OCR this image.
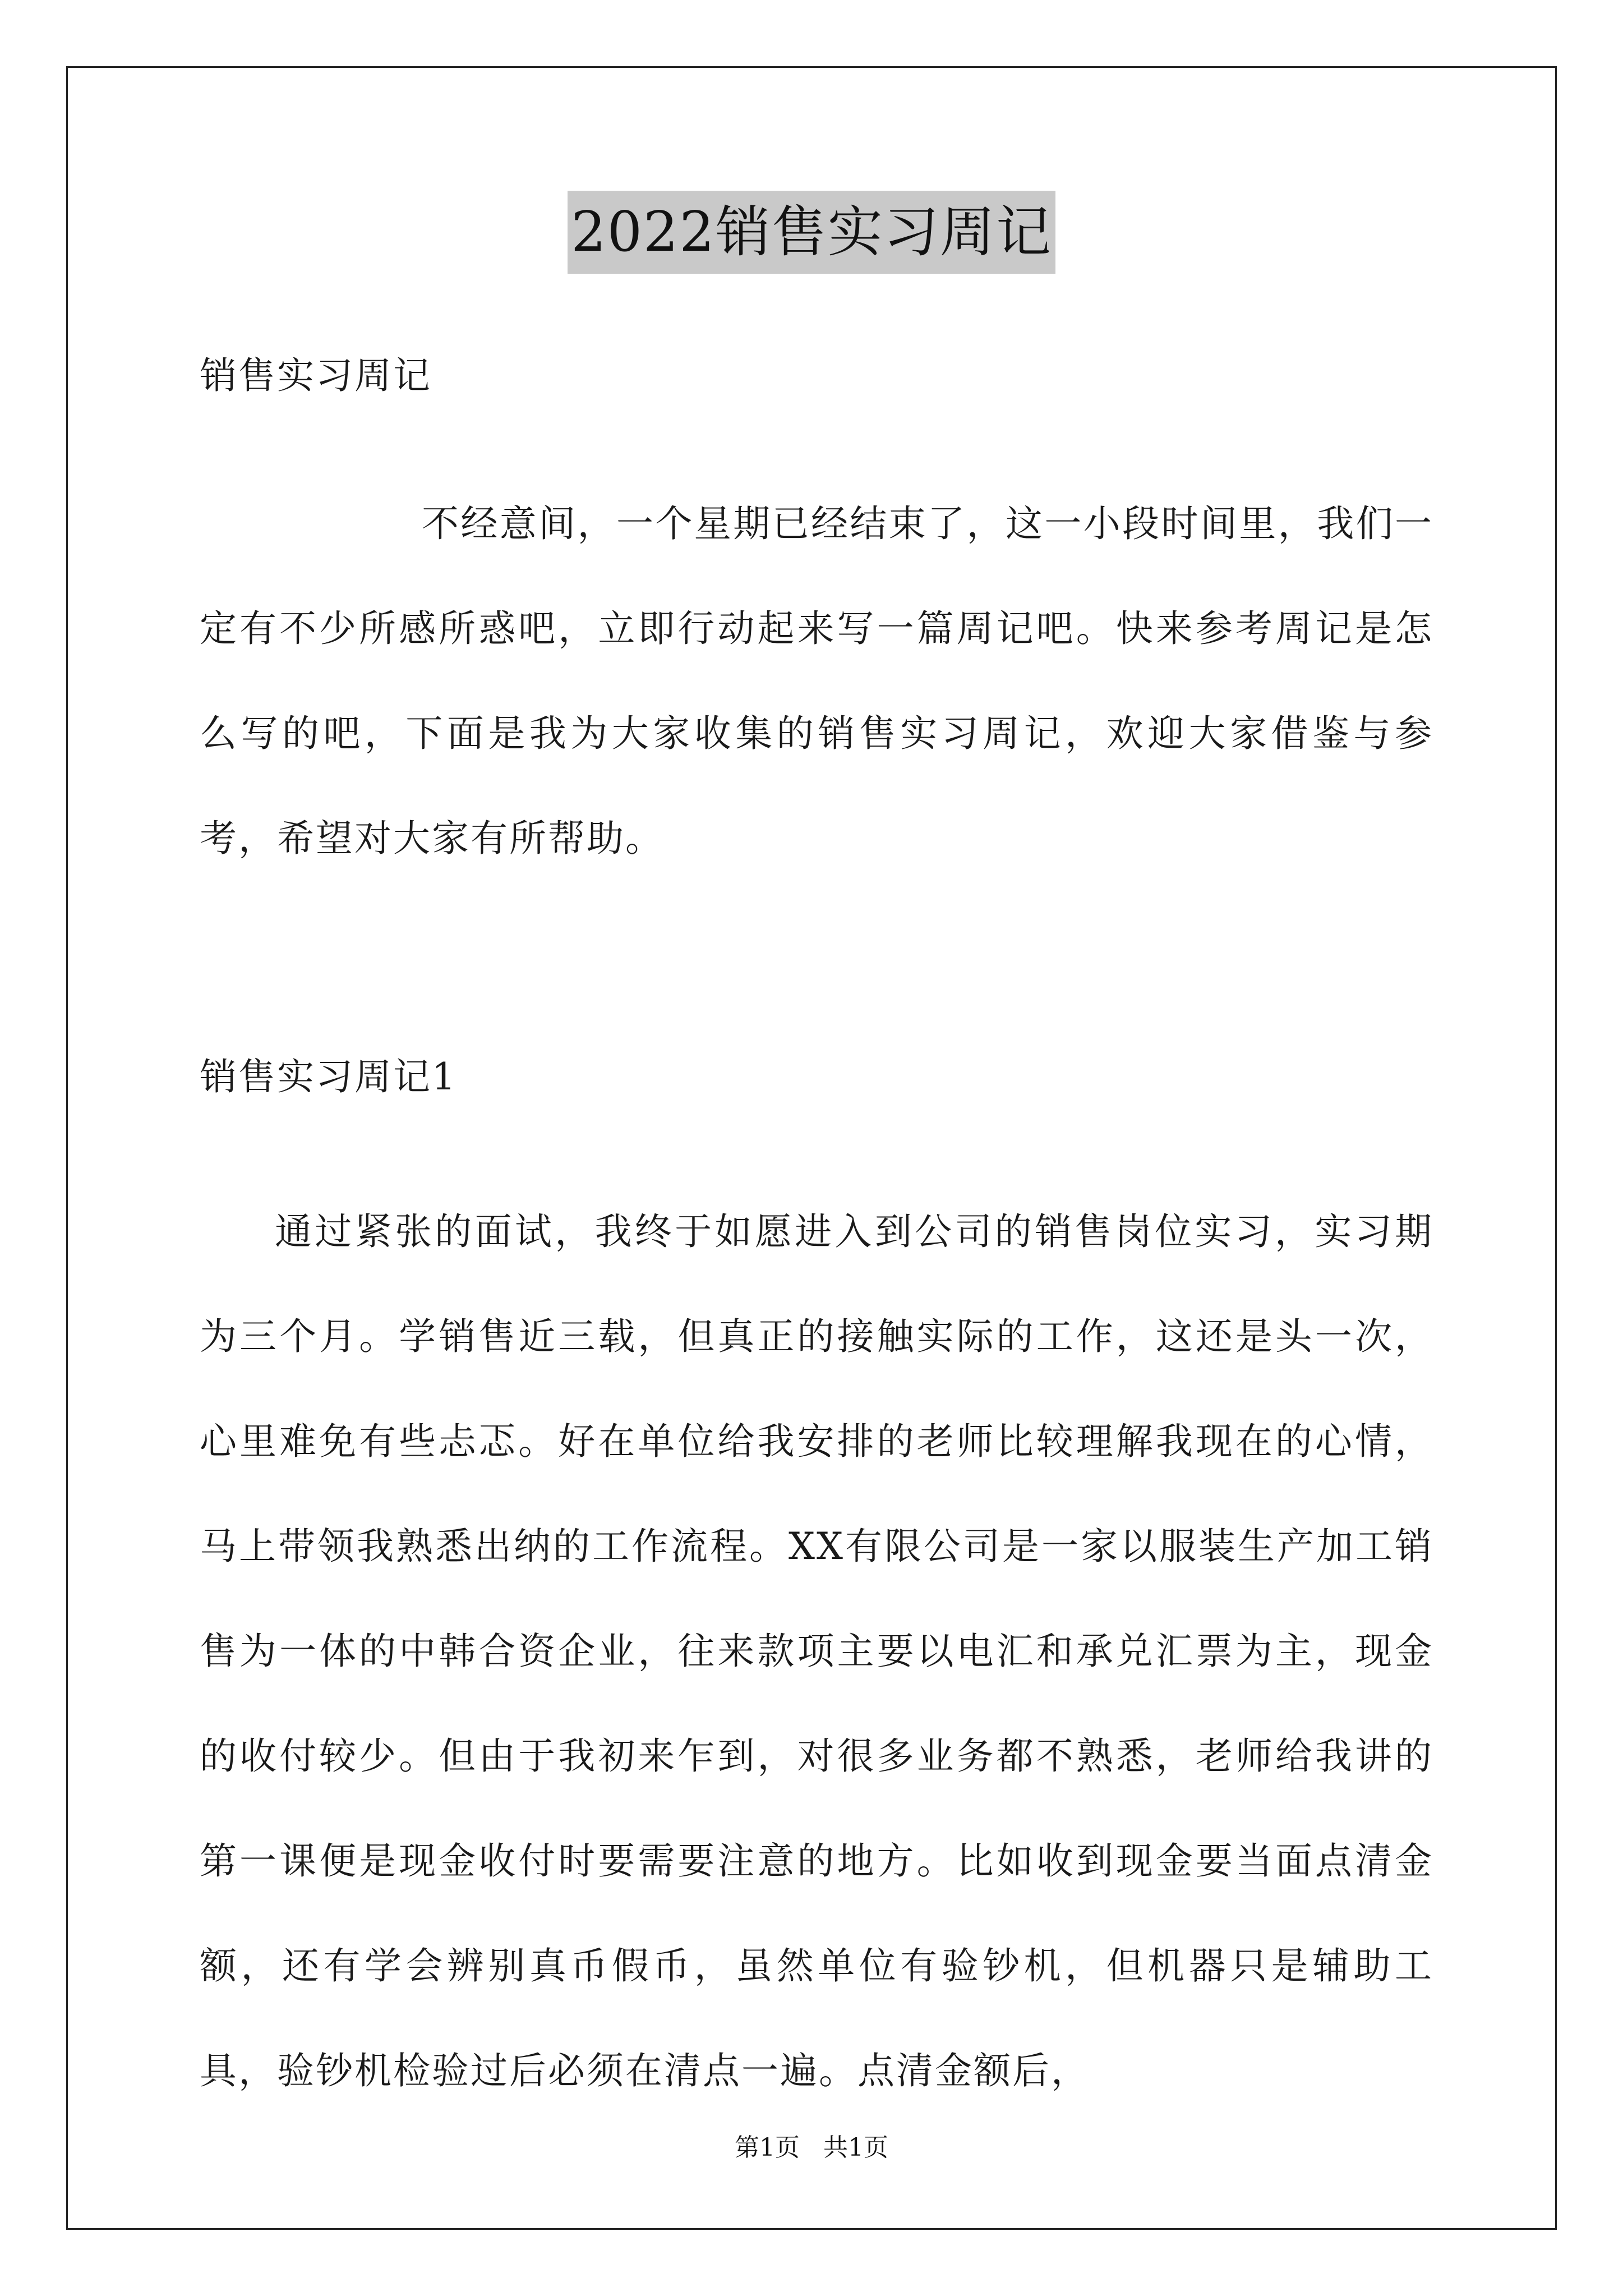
2022销售实习周记

销售实习周记

不经意间，一个星期已经结束了，这一小段时间里，我们一定有不少所感所惑吧，立即行动起来写一篇周记吧。快来参考周记是怎么写的吧，下面是我为大家收集的销售实习周记，欢迎大家借鉴与参考，希望对大家有所帮助。

销售实习周记1

通过紧张的面试，我终于如愿进入到公司的销售岗位实习，实习期为三个月。学销售近三载，但真正的接触实际的工作，这还是头一次，心里难免有些忐忑。好在单位给我安排的老师比较理解我现在的心情，马上带领我熟悉出纳的工作流程。XX有限公司是一家以服装生产加工销售为一体的中韩合资企业，往来款项主要以电汇和承兑汇票为主，现金的收付较少。但由于我初来乍到，对很多业务都不熟悉，老师给我讲的第一课便是现金收付时要需要注意的地方。比如收到现金要当面点清金额，还有学会辨别真币假币，虽然单位有验钞机，但机器只是辅助工具，验钞机检验过后必须在清点一遍。点清金额后，

第1页   共1页
